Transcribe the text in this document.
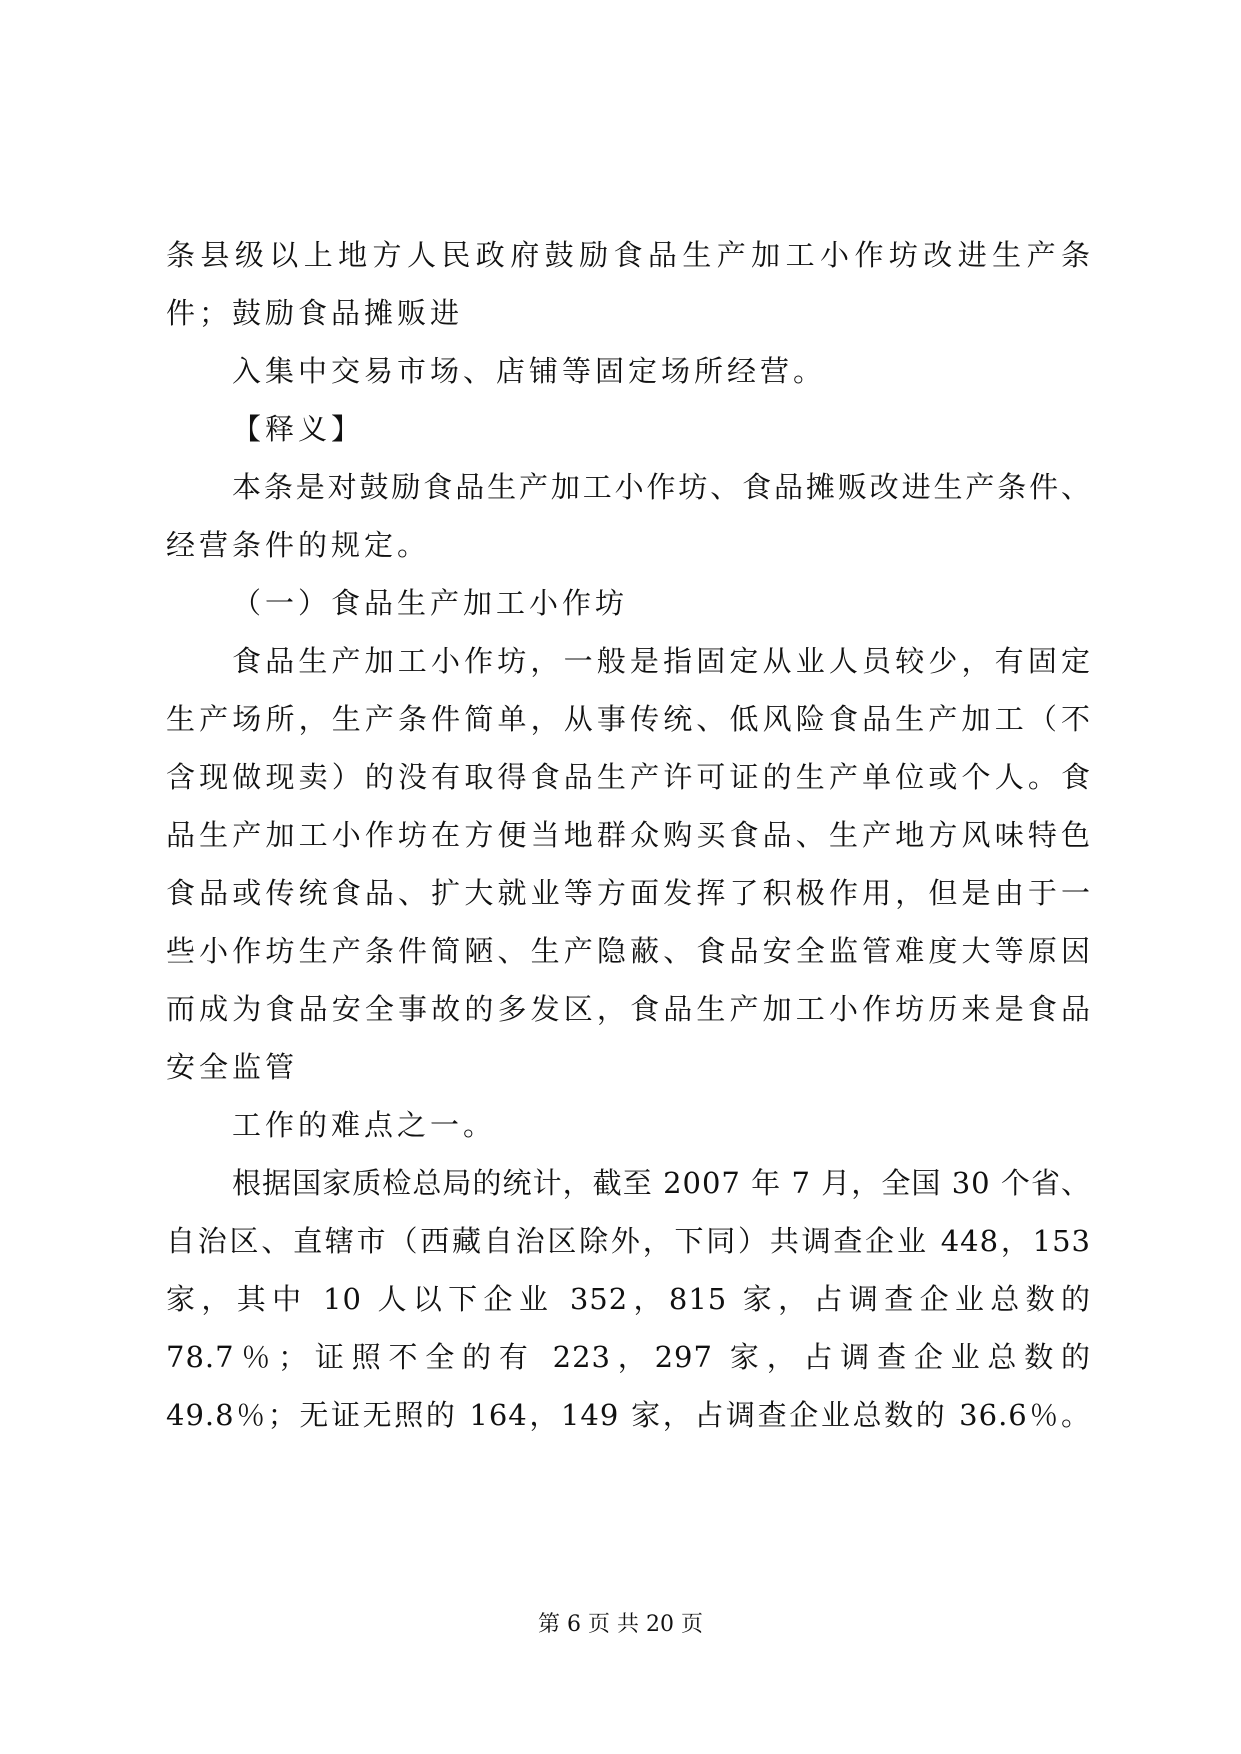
条县级以上地方人民政府鼓励食品生产加工小作坊改进生产条
件；鼓励食品摊贩进
入集中交易市场、店铺等固定场所经营。
【释义】
本条是对鼓励食品生产加工小作坊、食品摊贩改进生产条件、
经营条件的规定。
（一）食品生产加工小作坊
食品生产加工小作坊，一般是指固定从业人员较少，有固定
生产场所，生产条件简单，从事传统、低风险食品生产加工（不
含现做现卖）的没有取得食品生产许可证的生产单位或个人。食
品生产加工小作坊在方便当地群众购买食品、生产地方风味特色
食品或传统食品、扩大就业等方面发挥了积极作用，但是由于一
些小作坊生产条件简陋、生产隐蔽、食品安全监管难度大等原因
而成为食品安全事故的多发区，食品生产加工小作坊历来是食品
安全监管
工作的难点之一。
根据国家质检总局的统计，截至 2007 年 7 月，全国 30 个省、
自治区、直辖市（西藏自治区除外，下同）共调查企业 448，153
家，其中 10 人以下企业 352，815 家，占调查企业总数的
78.7％；证照不全的有 223，297 家，占调查企业总数的
49.8％；无证无照的 164，149 家，占调查企业总数的 36.6％。
第 6 页 共 20 页
